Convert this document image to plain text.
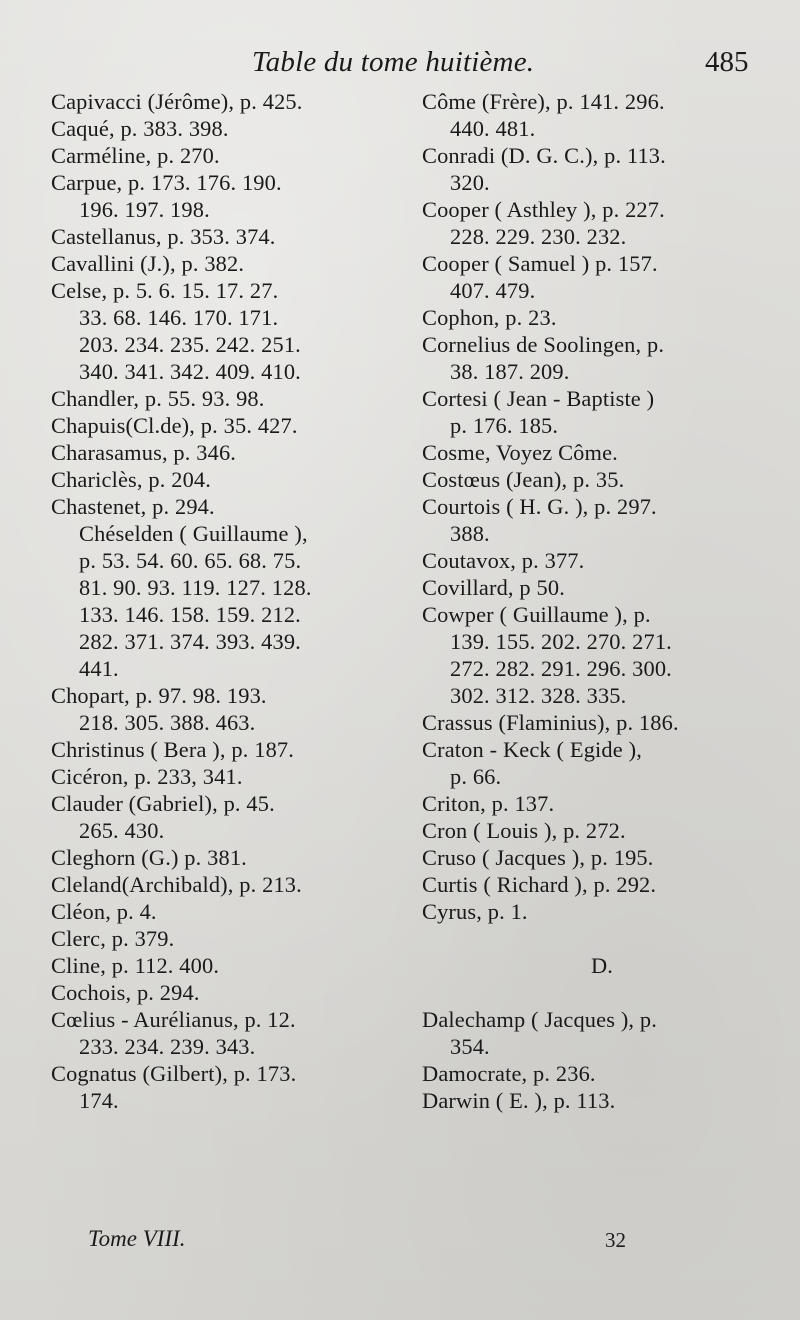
Table du tome huitième.	485
Capivacci (Jérôme), p. 425.
Caqué, p. 383. 398.
Carméline, p. 270.
Carpue, p. 173. 176. 190.
196. 197. 198.
Castellanus, p. 353. 374.
Cavallini (J.), p. 382.
Celse, p. 5. 6. 15. 17. 27.
33. 68. 146. 170. 171.
203. 234. 235. 242. 251.
340. 341. 342. 409. 410.
Chandler, p. 55. 93. 98.
Chapuis(Cl.de), p. 35. 427.
Charasamus, p. 346.
Chariclès, p. 204.
Chastenet, p. 294.
Chéselden ( Guillaume ),
p. 53. 54. 60. 65. 68. 75.
81. 90. 93. 119. 127. 128.
133. 146. 158. 159. 212.
282. 371. 374. 393. 439.
441.
Chopart, p. 97. 98. 193.
218. 305. 388. 463.
Christinus ( Bera ), p. 187.
Cicéron, p. 233, 341.
Clauder (Gabriel), p. 45.
265. 430.
Cleghorn (G.) p. 381.
Cleland(Archibald), p. 213.
Cléon, p. 4.
Clerc, p. 379.
Cline, p. 112. 400.
Cochois, p. 294.
Cœlius - Aurélianus, p. 12.
233. 234. 239. 343.
Cognatus (Gilbert), p. 173.
174.
Côme (Frère), p. 141. 296.
440. 481.
Conradi (D. G. C.), p. 113.
320.
Cooper ( Asthley ), p. 227.
228. 229. 230. 232.
Cooper ( Samuel ) p. 157.
407. 479.
Cophon, p. 23.
Cornelius de Soolingen, p.
38. 187. 209.
Cortesi ( Jean - Baptiste )
p. 176. 185.
Cosme, Voyez Côme.
Costœus (Jean), p. 35.
Courtois ( H. G. ), p. 297.
388.
Coutavox, p. 377.
Covillard, p 50.
Cowper ( Guillaume ), p.
139. 155. 202. 270. 271.
272. 282. 291. 296. 300.
302. 312. 328. 335.
Crassus (Flaminius), p. 186.
Craton - Keck ( Egide ),
p. 66.
Criton, p. 137.
Cron ( Louis ), p. 272.
Cruso ( Jacques ), p. 195.
Curtis ( Richard ), p. 292.
Cyrus, p. 1.
D.
Dalechamp ( Jacques ), p.
354.
Damocrate, p. 236.
Darwin ( E. ), p. 113.
Tome VIII.	32
